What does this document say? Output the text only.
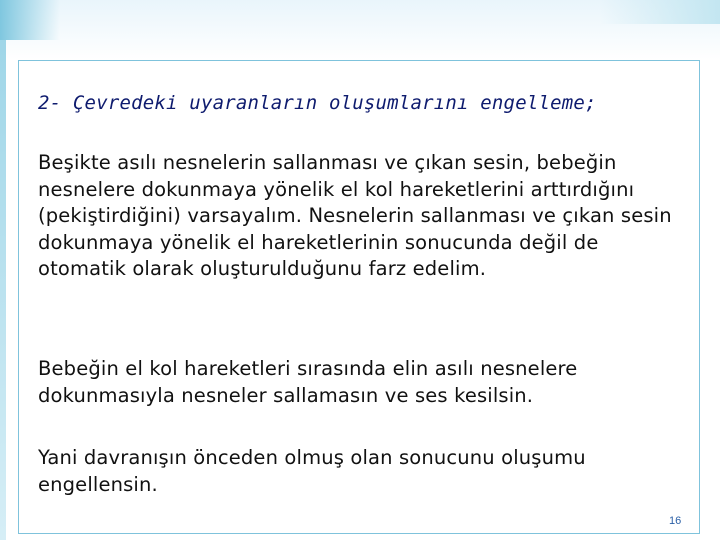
2- Çevredeki uyaranların oluşumlarını engelleme;

Beşikte asılı nesnelerin sallanması ve çıkan sesin, bebeğin nesnelere dokunmaya yönelik el kol hareketlerini arttırdığını (pekiştirdiğini) varsayalım. Nesnelerin sallanması ve çıkan sesin dokunmaya yönelik el hareketlerinin sonucunda değil de otomatik olarak oluşturulduğunu farz edelim.

Bebeğin el kol hareketleri sırasında elin asılı nesnelere dokunmasıyla nesneler sallamasın ve ses kesilsin.

Yani davranışın önceden olmuş olan sonucunu oluşumu engellensin.

16
